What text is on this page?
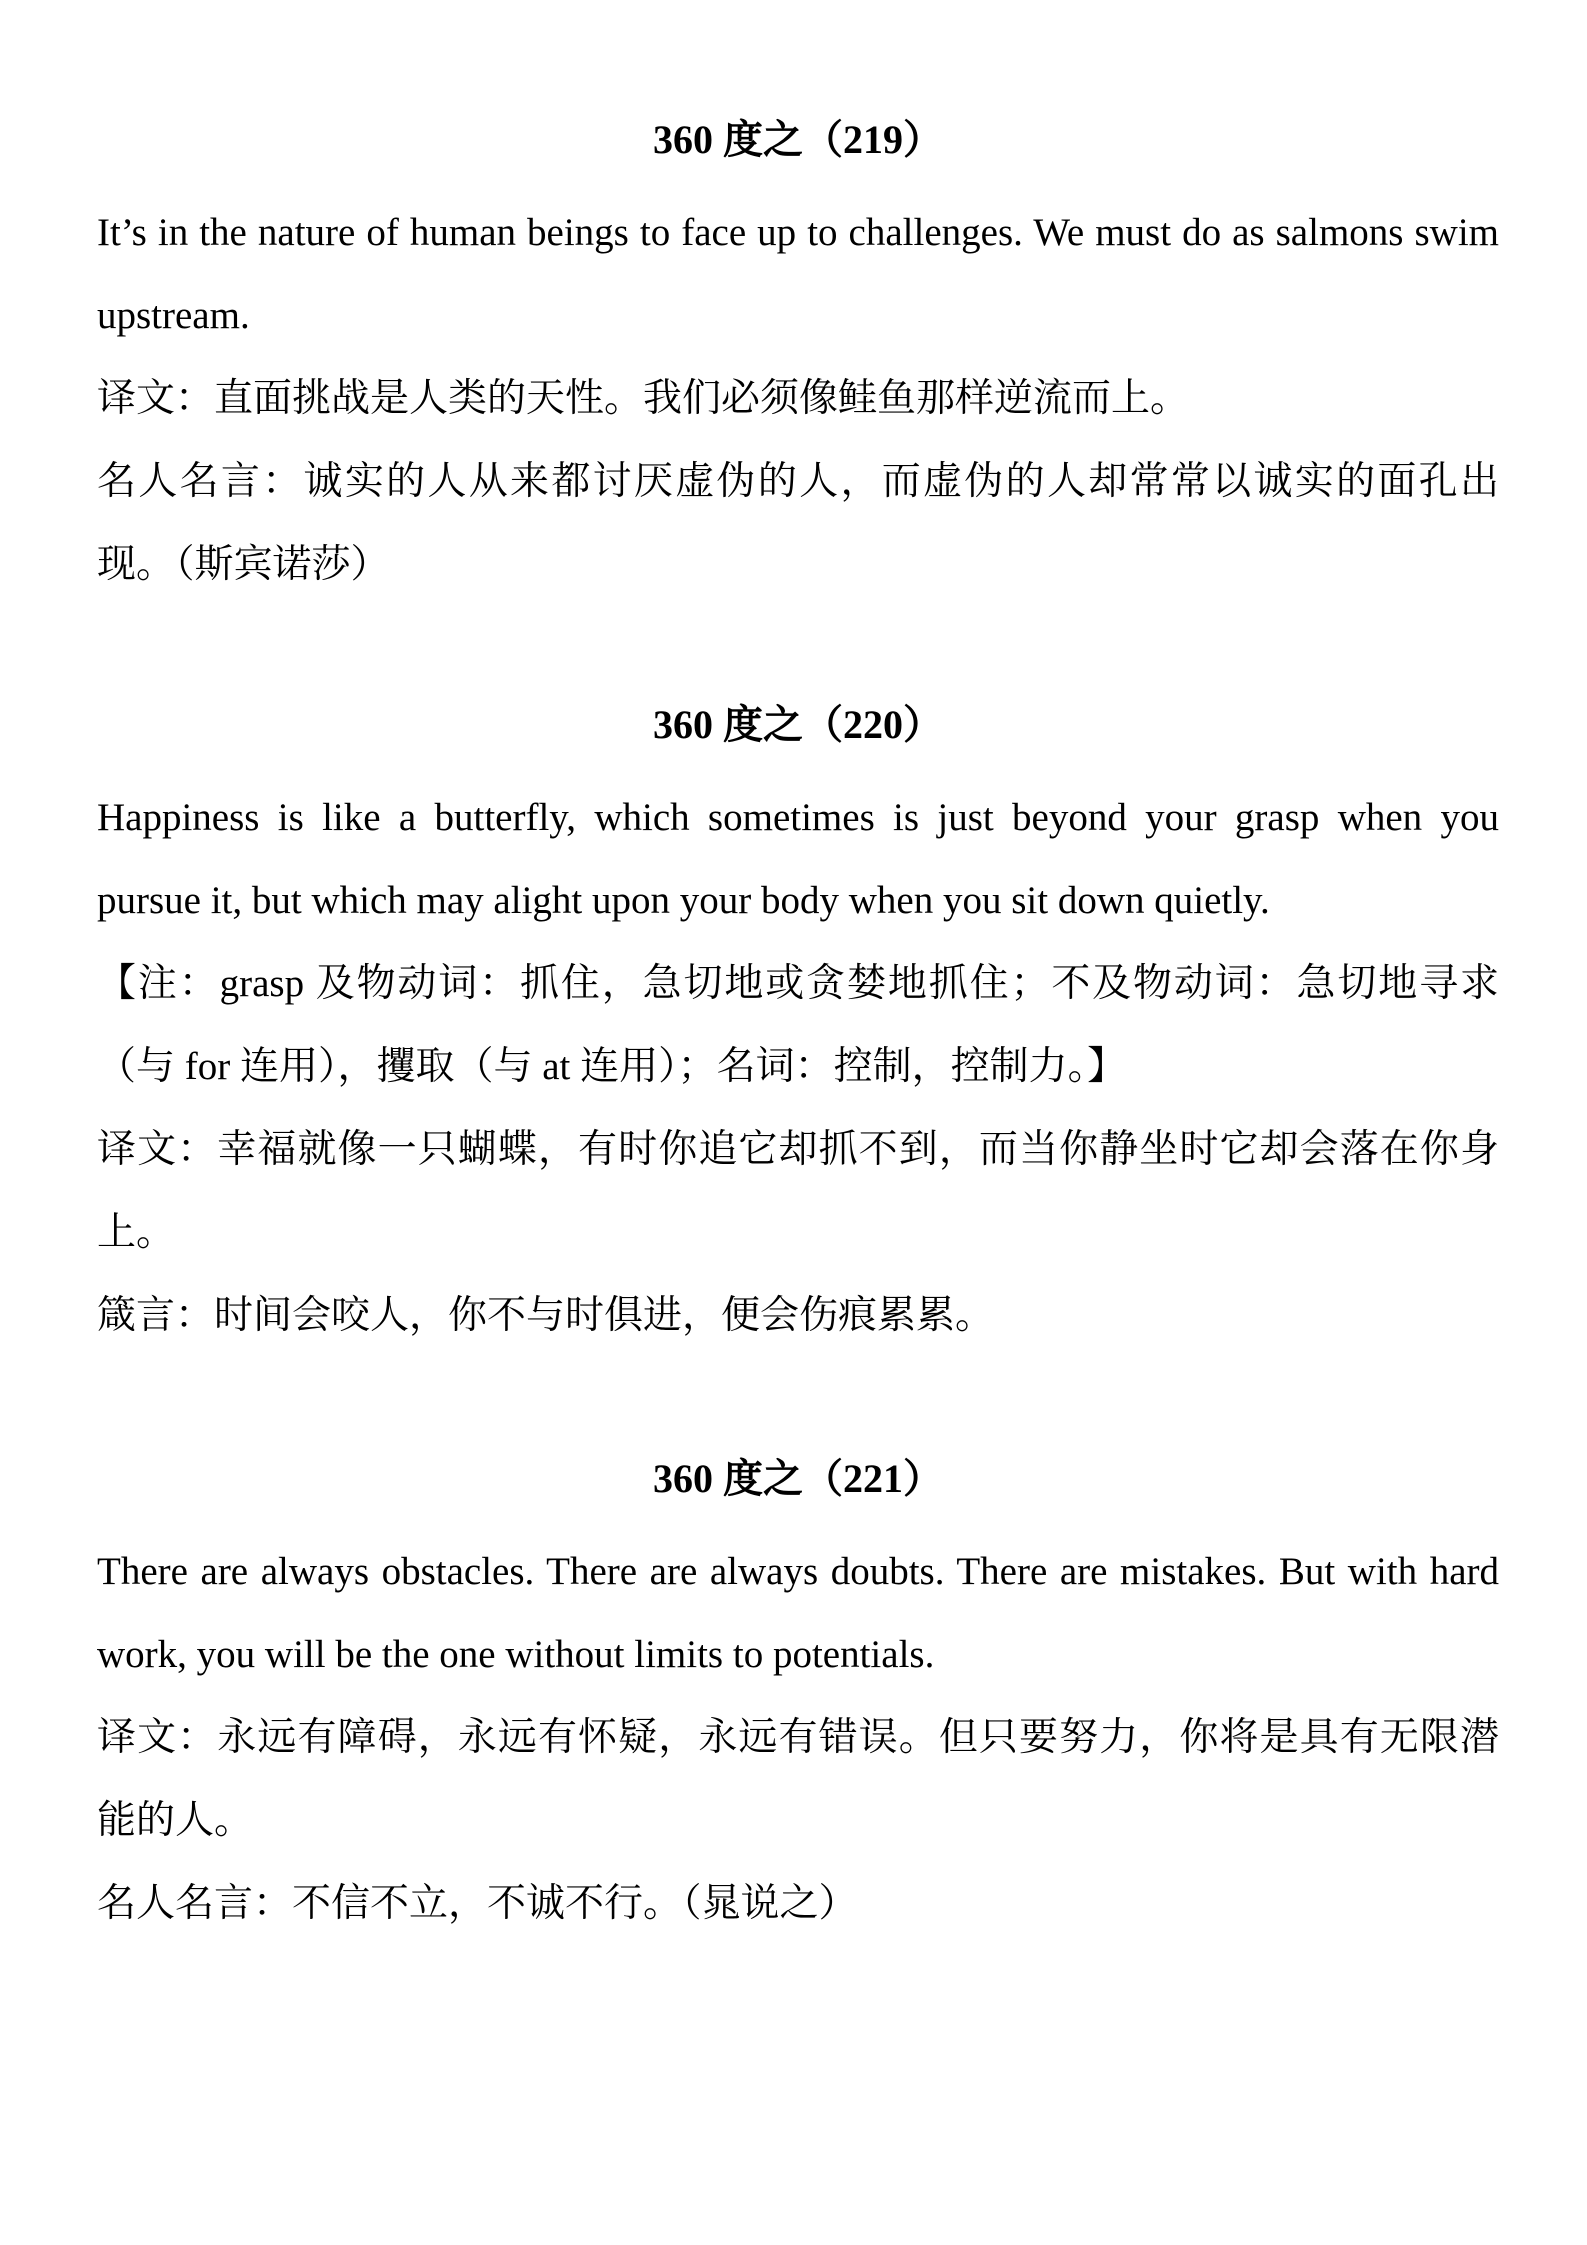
360 度之（219）

It’s in the nature of human beings to face up to challenges. We must do as salmons swim upstream.

译文：直面挑战是人类的天性。我们必须像鲑鱼那样逆流而上。

名人名言：诚实的人从来都讨厌虚伪的人，而虚伪的人却常常以诚实的面孔出现。（斯宾诺莎）

360 度之（220）

Happiness is like a butterfly, which sometimes is just beyond your grasp when you pursue it, but which may alight upon your body when you sit down quietly.

【注：grasp 及物动词：抓住，急切地或贪婪地抓住；不及物动词：急切地寻求（与 for 连用），攫取（与 at 连用）；名词：控制，控制力。】

译文：幸福就像一只蝴蝶，有时你追它却抓不到，而当你静坐时它却会落在你身上。

箴言：时间会咬人，你不与时俱进，便会伤痕累累。

360 度之（221）

There are always obstacles. There are always doubts. There are mistakes. But with hard work, you will be the one without limits to potentials.

译文：永远有障碍，永远有怀疑，永远有错误。但只要努力，你将是具有无限潜能的人。

名人名言：不信不立，不诚不行。（晁说之）
